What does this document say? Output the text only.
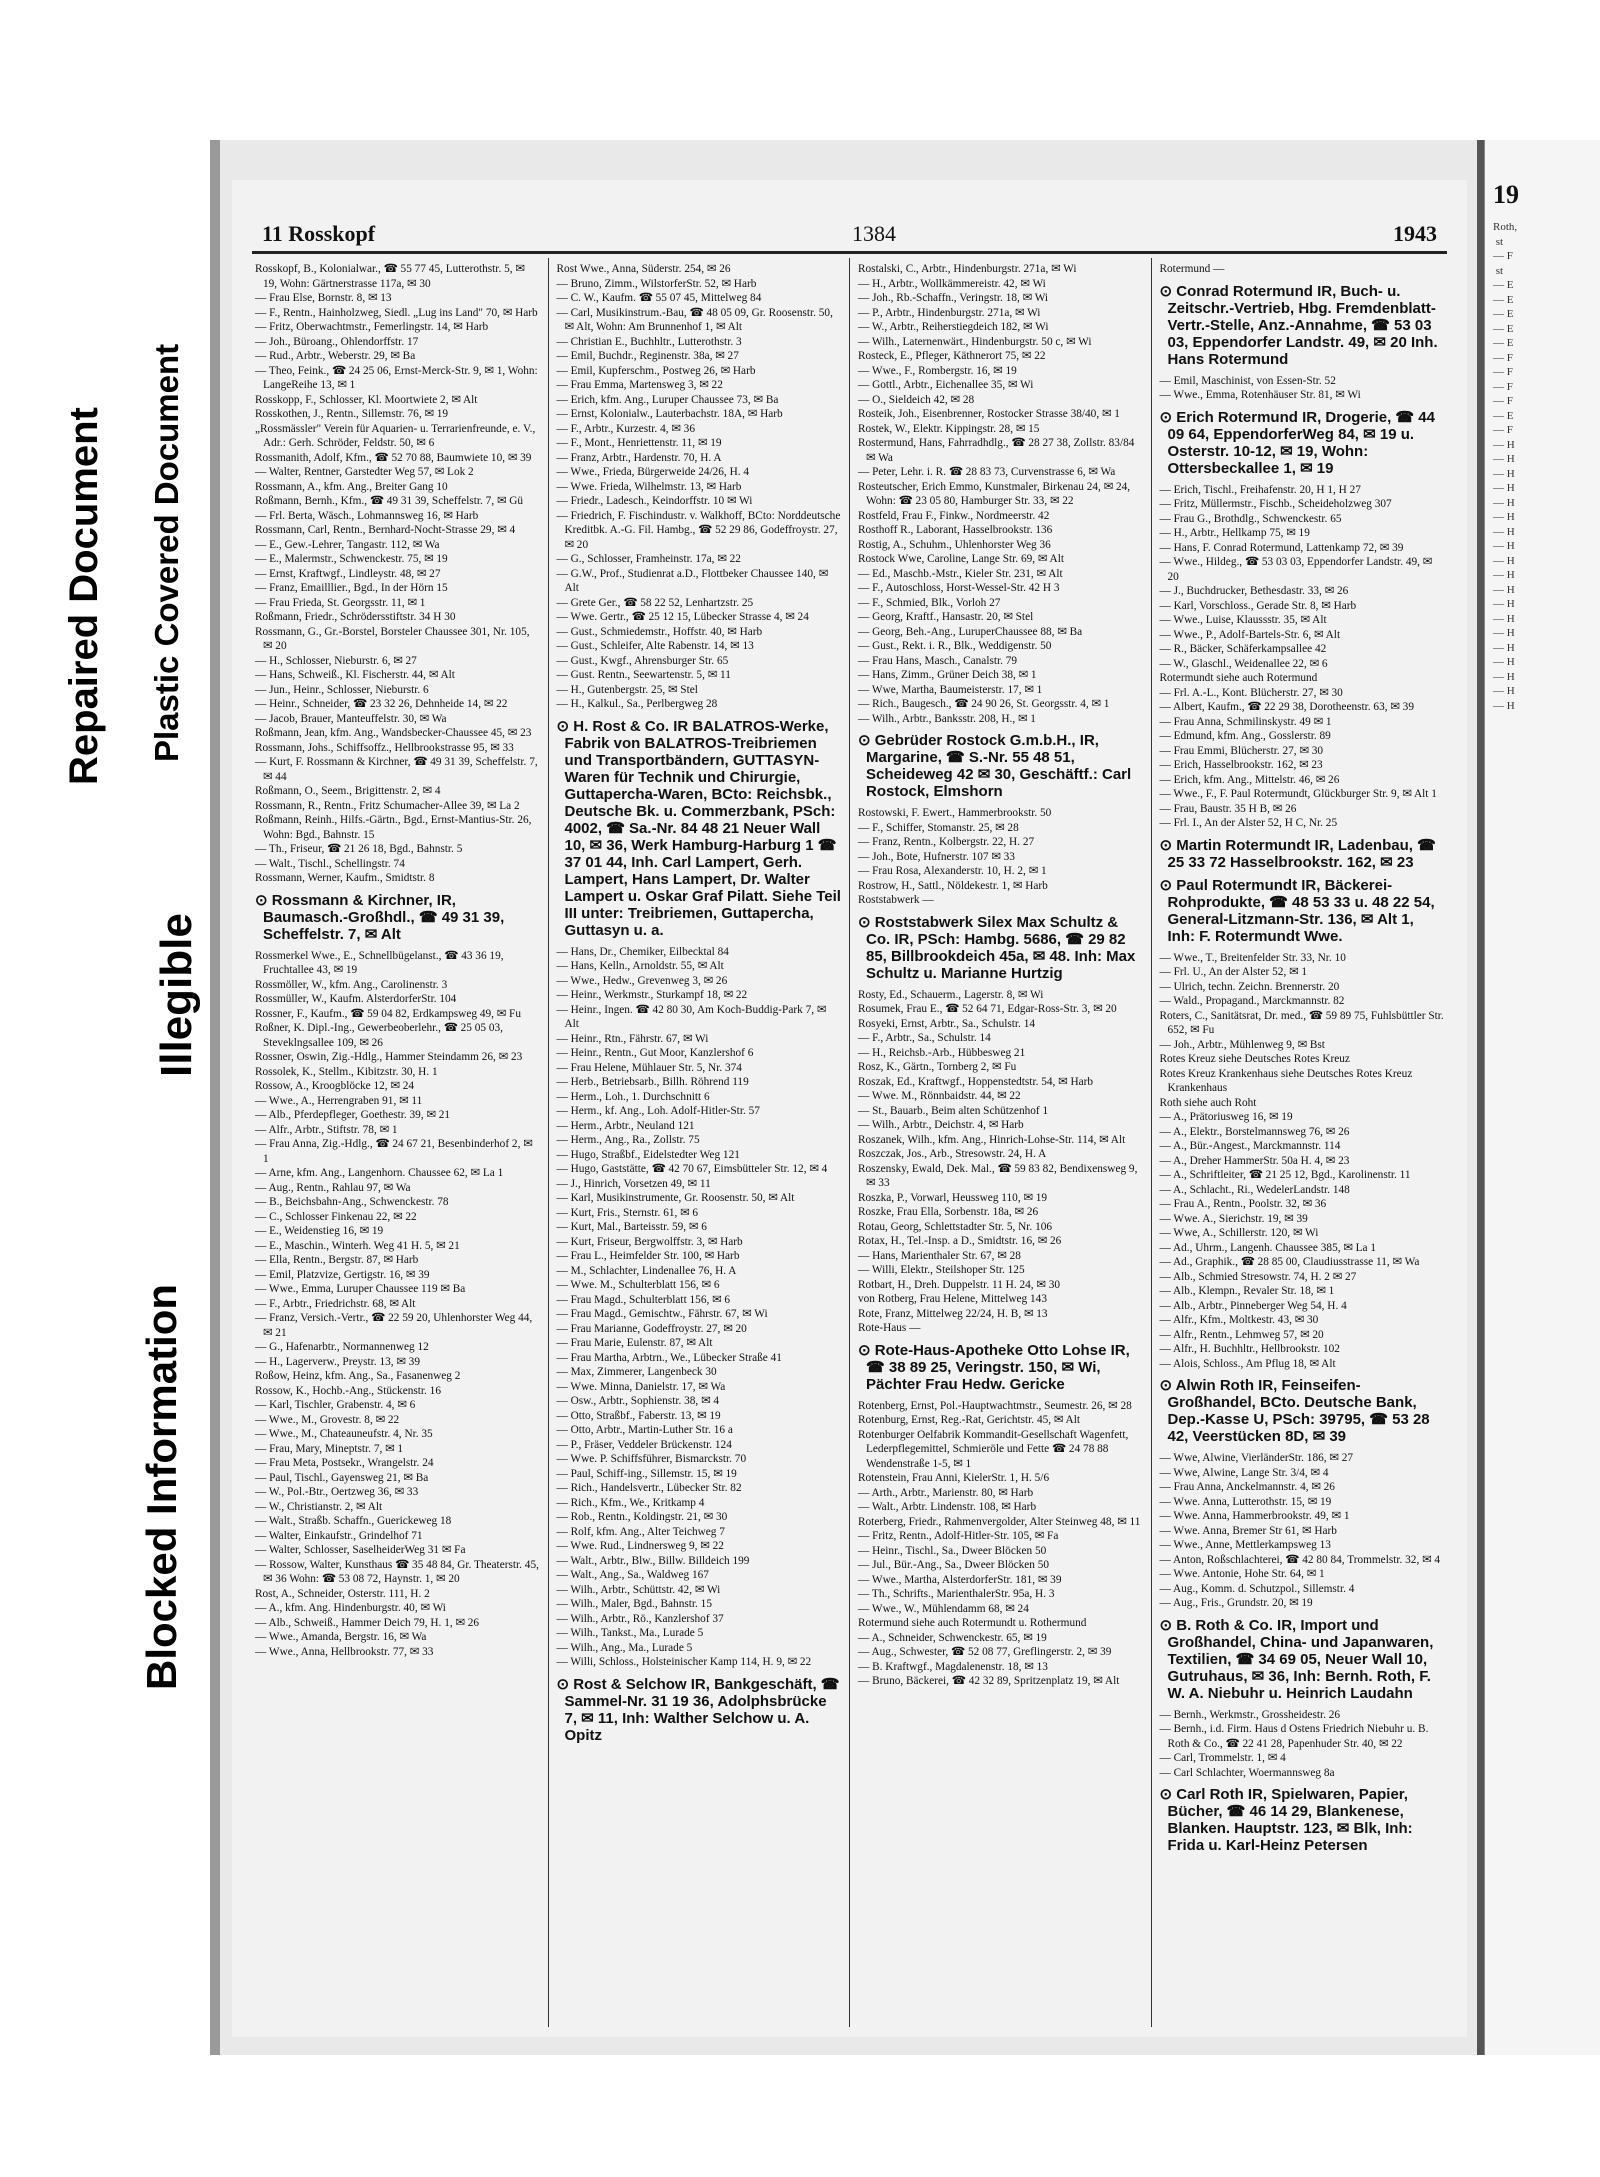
Repaired Document Plastic Covered Document
Illegible
Blocked Information
11 Rosskopf	1384	1943

Rosskopf, B., Kolonialwar., ☎ 55 77 45, Lutterothstr. 5, ✉ 19, Wohn: Gärtnerstrasse 117a, ✉ 30

— Frau Else, Bornstr. 8, ✉ 13

— F., Rentn., Hainholzweg, Siedl. „Lug ins Land" 70, ✉ Harb

— Fritz, Oberwachtmstr., Femerlingstr. 14, ✉ Harb

— Joh., Büroang., Ohlendorffstr. 17

— Rud., Arbtr., Weberstr. 29, ✉ Ba

— Theo, Feink., ☎ 24 25 06, Ernst-Merck-Str. 9, ✉ 1, Wohn: LangeReihe 13, ✉ 1

Rosskopp, F., Schlosser, Kl. Moortwiete 2, ✉ Alt

Rosskothen, J., Rentn., Sillemstr. 76, ✉ 19

„Rossmässler" Verein für Aquarien- u. Terrarienfreunde, e. V., Adr.: Gerh. Schröder, Feldstr. 50, ✉ 6

Rossmanith, Adolf, Kfm., ☎ 52 70 88, Baumwiete 10, ✉ 39

— Walter, Rentner, Garstedter Weg 57, ✉ Lok 2

Rossmann, A., kfm. Ang., Breiter Gang 10

Roßmann, Bernh., Kfm., ☎ 49 31 39, Scheffelstr. 7, ✉ Gü

— Frl. Berta, Wäsch., Lohmannsweg 16, ✉ Harb

Rossmann, Carl, Rentn., Bernhard-Nocht-Strasse 29, ✉ 4

— E., Gew.-Lehrer, Tangastr. 112, ✉ Wa

— E., Malermstr., Schwenckestr. 75, ✉ 19

— Ernst, Kraftwgf., Lindleystr. 48, ✉ 27

— Franz, Emailllier., Bgd., In der Hörn 15

— Frau Frieda, St. Georgsstr. 11, ✉ 1

Roßmann, Friedr., Schrödersstiftstr. 34 H 30

Rossmann, G., Gr.-Borstel, Borsteler Chaussee 301, Nr. 105, ✉ 20

— H., Schlosser, Nieburstr. 6, ✉ 27

— Hans, Schweiß., Kl. Fischerstr. 44, ✉ Alt

— Jun., Heinr., Schlosser, Nieburstr. 6

— Heinr., Schneider, ☎ 23 32 26, Dehnheide 14, ✉ 22

— Jacob, Brauer, Manteuffelstr. 30, ✉ Wa

Roßmann, Jean, kfm. Ang., Wandsbecker-Chaussee 45, ✉ 23

Rossmann, Johs., Schiffsoffz., Hellbrookstrasse 95, ✉ 33

— Kurt, F. Rossmann & Kirchner, ☎ 49 31 39, Scheffelstr. 7, ✉ 44

Roßmann, O., Seem., Brigittenstr. 2, ✉ 4

Rossmann, R., Rentn., Fritz Schumacher-Allee 39, ✉ La 2

Roßmann, Reinh., Hilfs.-Gärtn., Bgd., Ernst-Mantius-Str. 26, Wohn: Bgd., Bahnstr. 15

— Th., Friseur, ☎ 21 26 18, Bgd., Bahnstr. 5

— Walt., Tischl., Schellingstr. 74

Rossmann, Werner, Kaufm., Smidtstr. 8

⊙ Rossmann & Kirchner, IR, Baumasch.-Großhdl., ☎ 49 31 39, Scheffelstr. 7, ✉ Alt

Rossmerkel Wwe., E., Schnellbügelanst., ☎ 43 36 19, Fruchtallee 43, ✉ 19

Rossmöller, W., kfm. Ang., Carolinenstr. 3

Rossmüller, W., Kaufm. AlsterdorferStr. 104

Rossner, F., Kaufm., ☎ 59 04 82, Erdkampsweg 49, ✉ Fu

Roßner, K. Dipl.-Ing., Gewerbeoberlehr., ☎ 25 05 03, Steveklngsallee 109, ✉ 26

Rossner, Oswin, Zig.-Hdlg., Hammer Steindamm 26, ✉ 23

Rossolek, K., Stellm., Kibitzstr. 30, H. 1

Rossow, A., Kroogblöcke 12, ✉ 24

— Wwe., A., Herrengraben 91, ✉ 11

— Alb., Pferdepfleger, Goethestr. 39, ✉ 21

— Alfr., Arbtr., Stiftstr. 78, ✉ 1

— Frau Anna, Zig.-Hdlg., ☎ 24 67 21, Besenbinderhof 2, ✉ 1

— Arne, kfm. Ang., Langenhorn. Chaussee 62, ✉ La 1

— Aug., Rentn., Rahlau 97, ✉ Wa

— B., Beichsbahn-Ang., Schwenckestr. 78

— C., Schlosser Finkenau 22, ✉ 22

— E., Weidenstieg 16, ✉ 19

— E., Maschin., Winterh. Weg 41 H. 5, ✉ 21

— Ella, Rentn., Bergstr. 87, ✉ Harb

— Emil, Platzvize, Gertigstr. 16, ✉ 39

— Wwe., Emma, Luruper Chaussee 119 ✉ Ba

— F., Arbtr., Friedrichstr. 68, ✉ Alt

— Franz, Versich.-Vertr., ☎ 22 59 20, Uhlenhorster Weg 44, ✉ 21

— G., Hafenarbtr., Normannenweg 12

— H., Lagerverw., Preystr. 13, ✉ 39

Roßow, Heinz, kfm. Ang., Sa., Fasanenweg 2

Rossow, K., Hochb.-Ang., Stückenstr. 16

— Karl, Tischler, Grabenstr. 4, ✉ 6

— Wwe., M., Grovestr. 8, ✉ 22

— Wwe., M., Chateauneufstr. 4, Nr. 35

— Frau, Mary, Mineptstr. 7, ✉ 1

— Frau Meta, Postsekr., Wrangelstr. 24

— Paul, Tischl., Gayensweg 21, ✉ Ba

— W., Pol.-Btr., Oertzweg 36, ✉ 33

— W., Christianstr. 2, ✉ Alt

— Walt., Straßb. Schaffn., Guerickeweg 18

— Walter, Einkaufstr., Grindelhof 71

— Walter, Schlosser, SaselheiderWeg 31 ✉ Fa

— Rossow, Walter, Kunsthaus ☎ 35 48 84, Gr. Theaterstr. 45, ✉ 36 Wohn: ☎ 53 08 72, Haynstr. 1, ✉ 20

Rost, A., Schneider, Osterstr. 111, H. 2

— A., kfm. Ang. Hindenburgstr. 40, ✉ Wi

— Alb., Schweiß., Hammer Deich 79, H. 1, ✉ 26

— Wwe., Amanda, Bergstr. 16, ✉ Wa

— Wwe., Anna, Hellbrookstr. 77, ✉ 33

Rost Wwe., Anna, Süderstr. 254, ✉ 26

— Bruno, Zimm., WilstorferStr. 52, ✉ Harb

— C. W., Kaufm. ☎ 55 07 45, Mittelweg 84

— Carl, Musikinstrum.-Bau, ☎ 48 05 09, Gr. Roosenstr. 50, ✉ Alt, Wohn: Am Brunnenhof 1, ✉ Alt

— Christian E., Buchhltr., Lutterothstr. 3

— Emil, Buchdr., Reginenstr. 38a, ✉ 27

— Emil, Kupferschm., Postweg 26, ✉ Harb

— Frau Emma, Martensweg 3, ✉ 22

— Erich, kfm. Ang., Luruper Chaussee 73, ✉ Ba

— Ernst, Kolonialw., Lauterbachstr. 18A, ✉ Harb

— F., Arbtr., Kurzestr. 4, ✉ 36

— F., Mont., Henriettenstr. 11, ✉ 19

— Franz, Arbtr., Hardenstr. 70, H. A

— Wwe., Frieda, Bürgerweide 24/26, H. 4

— Wwe. Frieda, Wilhelmstr. 13, ✉ Harb

— Friedr., Ladesch., Keindorffstr. 10 ✉ Wi

— Friedrich, F. Fischindustr. v. Walkhoff, BCto: Norddeutsche Kreditbk. A.-G. Fil. Hambg., ☎ 52 29 86, Godeffroystr. 27, ✉ 20

— G., Schlosser, Framheinstr. 17a, ✉ 22

— G.W., Prof., Studienrat a.D., Flottbeker Chaussee 140, ✉ Alt

— Grete Ger., ☎ 58 22 52, Lenhartzstr. 25

— Wwe. Gertr., ☎ 25 12 15, Lübecker Strasse 4, ✉ 24

— Gust., Schmiedemstr., Hoffstr. 40, ✉ Harb

— Gust., Schleifer, Alte Rabenstr. 14, ✉ 13

— Gust., Kwgf., Ahrensburger Str. 65

— Gust. Rentn., Seewartenstr. 5, ✉ 11

— H., Gutenbergstr. 25, ✉ Stel

— H., Kalkul., Sa., Perlbergweg 28

⊙ H. Rost & Co. IR BALATROS-Werke, Fabrik von BALATROS-Treibriemen und Transportbändern, GUTTASYN-Waren für Technik und Chirurgie, Guttapercha-Waren, BCto: Reichsbk., Deutsche Bk. u. Commerzbank, PSch: 4002, ☎ Sa.-Nr. 84 48 21 Neuer Wall 10, ✉ 36, Werk Hamburg-Harburg 1 ☎ 37 01 44, Inh. Carl Lampert, Gerh. Lampert, Hans Lampert, Dr. Walter Lampert u. Oskar Graf Pilatt. Siehe Teil III unter: Treibriemen, Guttapercha, Guttasyn u. a.

— Hans, Dr., Chemiker, Eilbecktal 84

— Hans, Kelln., Arnoldstr. 55, ✉ Alt

— Wwe., Hedw., Grevenweg 3, ✉ 26

— Heinr., Werkmstr., Sturkampf 18, ✉ 22

— Heinr., Ingen. ☎ 42 80 30, Am Koch-Buddig-Park 7, ✉ Alt

— Heinr., Rtn., Fährstr. 67, ✉ Wi

— Heinr., Rentn., Gut Moor, Kanzlershof 6

— Frau Helene, Mühlauer Str. 5, Nr. 374

— Herb., Betriebsarb., Billh. Röhrend 119

— Herm., Loh., 1. Durchschnitt 6

— Herm., kf. Ang., Loh. Adolf-Hitler-Str. 57

— Herm., Arbtr., Neuland 121

— Herm., Ang., Ra., Zollstr. 75

— Hugo, Straßbf., Eidelstedter Weg 121

— Hugo, Gaststätte, ☎ 42 70 67, Eimsbütteler Str. 12, ✉ 4

— J., Hinrich, Vorsetzen 49, ✉ 11

— Karl, Musikinstrumente, Gr. Roosenstr. 50, ✉ Alt

— Kurt, Fris., Sternstr. 61, ✉ 6

— Kurt, Mal., Barteisstr. 59, ✉ 6

— Kurt, Friseur, Bergwolffstr. 3, ✉ Harb

— Frau L., Heimfelder Str. 100, ✉ Harb

— M., Schlachter, Lindenallee 76, H. A

— Wwe. M., Schulterblatt 156, ✉ 6

— Frau Magd., Schulterblatt 156, ✉ 6

— Frau Magd., Gemischtw., Fährstr. 67, ✉ Wi

— Frau Marianne, Godeffroystr. 27, ✉ 20

— Frau Marie, Eulenstr. 87, ✉ Alt

— Frau Martha, Arbtrn., We., Lübecker Straße 41

— Max, Zimmerer, Langenbeck 30

— Wwe. Minna, Danielstr. 17, ✉ Wa

— Osw., Arbtr., Sophienstr. 38, ✉ 4

— Otto, Straßbf., Faberstr. 13, ✉ 19

— Otto, Arbtr., Martin-Luther Str. 16 a

— P., Fräser, Veddeler Brückenstr. 124

— Wwe. P. Schiffsführer, Bismarckstr. 70

— Paul, Schiff-ing., Sillemstr. 15, ✉ 19

— Rich., Handelsvertr., Lübecker Str. 82

— Rich., Kfm., We., Kritkamp 4

— Rob., Rentn., Koldingstr. 21, ✉ 30

— Rolf, kfm. Ang., Alter Teichweg 7

— Wwe. Rud., Lindnersweg 9, ✉ 22

— Walt., Arbtr., Blw., Billw. Billdeich 199

— Walt., Ang., Sa., Waldweg 167

— Wilh., Arbtr., Schüttstr. 42, ✉ Wi

— Wilh., Maler, Bgd., Bahnstr. 15

— Wilh., Arbtr., Rö., Kanzlershof 37

— Wilh., Tankst., Ma., Lurade 5

— Wilh., Ang., Ma., Lurade 5

— Willi, Schloss., Holsteinischer Kamp 114, H. 9, ✉ 22

⊙ Rost & Selchow IR, Bankgeschäft, ☎ Sammel-Nr. 31 19 36, Adolphsbrücke 7, ✉ 11, Inh: Walther Selchow u. A. Opitz

Rostalski, C., Arbtr., Hindenburgstr. 271a, ✉ Wi

— H., Arbtr., Wollkämmereistr. 42, ✉ Wi

— Joh., Rb.-Schaffn., Veringstr. 18, ✉ Wi

— P., Arbtr., Hindenburgstr. 271a, ✉ Wi

— W., Arbtr., Reiherstiegdeich 182, ✉ Wi

— Wilh., Laternenwärt., Hindenburgstr. 50 c, ✉ Wi

Rosteck, E., Pfleger, Käthnerort 75, ✉ 22

— Wwe., F., Rombergstr. 16, ✉ 19

— Gottl., Arbtr., Eichenallee 35, ✉ Wi

— O., Sieldeich 42, ✉ 28

Rosteik, Joh., Eisenbrenner, Rostocker Strasse 38/40, ✉ 1

Rostek, W., Elektr. Kippingstr. 28, ✉ 15

Rostermund, Hans, Fahrradhdlg., ☎ 28 27 38, Zollstr. 83/84 ✉ Wa

— Peter, Lehr. i. R. ☎ 28 83 73, Curvenstrasse 6, ✉ Wa

Rosteutscher, Erich Emmo, Kunstmaler, Birkenau 24, ✉ 24, Wohn: ☎ 23 05 80, Hamburger Str. 33, ✉ 22

Rostfeld, Frau F., Finkw., Nordmeerstr. 42

Rosthoff R., Laborant, Hasselbrookstr. 136

Rostig, A., Schuhm., Uhlenhorster Weg 36

Rostock Wwe, Caroline, Lange Str. 69, ✉ Alt

— Ed., Maschb.-Mstr., Kieler Str. 231, ✉ Alt

— F., Autoschloss, Horst-Wessel-Str. 42 H 3

— F., Schmied, Blk., Vorloh 27

— Georg, Kraftf., Hansastr. 20, ✉ Stel

— Georg, Beh.-Ang., LuruperChaussee 88, ✉ Ba

— Gust., Rekt. i. R., Blk., Weddigenstr. 50

— Frau Hans, Masch., Canalstr. 79

— Hans, Zimm., Grüner Deich 38, ✉ 1

— Wwe, Martha, Baumeisterstr. 17, ✉ 1

— Rich., Baugesch., ☎ 24 90 26, St. Georgsstr. 4, ✉ 1

— Wilh., Arbtr., Banksstr. 208, H., ✉ 1

⊙ Gebrüder Rostock G.m.b.H., IR, Margarine, ☎ S.-Nr. 55 48 51, Scheideweg 42 ✉ 30, Geschäftf.: Carl Rostock, Elmshorn

Rostowski, F. Ewert., Hammerbrookstr. 50

— F., Schiffer, Stomanstr. 25, ✉ 28

— Franz, Rentn., Kolbergstr. 22, H. 27

— Joh., Bote, Hufnerstr. 107 ✉ 33

— Frau Rosa, Alexanderstr. 10, H. 2, ✉ 1

Rostrow, H., Sattl., Nöldekestr. 1, ✉ Harb

Roststabwerk —

⊙ Roststabwerk Silex Max Schultz & Co. IR, PSch: Hambg. 5686, ☎ 29 82 85, Billbrookdeich 45a, ✉ 48. Inh: Max Schultz u. Marianne Hurtzig

Rosty, Ed., Schauerm., Lagerstr. 8, ✉ Wi

Rosumek, Frau E., ☎ 52 64 71, Edgar-Ross-Str. 3, ✉ 20

Rosyeki, Ernst, Arbtr., Sa., Schulstr. 14

— F., Arbtr., Sa., Schulstr. 14

— H., Reichsb.-Arb., Hübbesweg 21

Rosz, K., Gärtn., Tornberg 2, ✉ Fu

Roszak, Ed., Kraftwgf., Hoppenstedtstr. 54, ✉ Harb

— Wwe. M., Rönnbaidstr. 44, ✉ 22

— St., Bauarb., Beim alten Schützenhof 1

— Wilh., Arbtr., Deichstr. 4, ✉ Harb

Roszanek, Wilh., kfm. Ang., Hinrich-Lohse-Str. 114, ✉ Alt

Roszczak, Jos., Arb., Stresowstr. 24, H. A

Roszensky, Ewald, Dek. Mal., ☎ 59 83 82, Bendixensweg 9, ✉ 33

Roszka, P., Vorwarl, Heussweg 110, ✉ 19

Roszke, Frau Ella, Sorbenstr. 18a, ✉ 26

Rotau, Georg, Schlettstadter Str. 5, Nr. 106

Rotax, H., Tel.-Insp. a D., Smidtstr. 16, ✉ 26

— Hans, Marienthaler Str. 67, ✉ 28

— Willi, Elektr., Steilshoper Str. 125

Rotbart, H., Dreh. Duppelstr. 11 H. 24, ✉ 30

von Rotberg, Frau Helene, Mittelweg 143

Rote, Franz, Mittelweg 22/24, H. B, ✉ 13

Rote-Haus —

⊙ Rote-Haus-Apotheke Otto Lohse IR, ☎ 38 89 25, Veringstr. 150, ✉ Wi, Pächter Frau Hedw. Gericke

Rotenberg, Ernst, Pol.-Hauptwachtmstr., Seumestr. 26, ✉ 28

Rotenburg, Ernst, Reg.-Rat, Gerichtstr. 45, ✉ Alt

Rotenburger Oelfabrik Kommandit-Gesellschaft Wagenfett, Lederpflegemittel, Schmieröle und Fette ☎ 24 78 88 Wendenstraße 1-5, ✉ 1

Rotenstein, Frau Anni, KielerStr. 1, H. 5/6

— Arth., Arbtr., Marienstr. 80, ✉ Harb

— Walt., Arbtr. Lindenstr. 108, ✉ Harb

Roterberg, Friedr., Rahmenvergolder, Alter Steinweg 48, ✉ 11

— Fritz, Rentn., Adolf-Hitler-Str. 105, ✉ Fa

— Heinr., Tischl., Sa., Dweer Blöcken 50

— Jul., Bür.-Ang., Sa., Dweer Blöcken 50

— Wwe., Martha, AlsterdorferStr. 181, ✉ 39

— Th., Schrifts., MarienthalerStr. 95a, H. 3

— Wwe., W., Mühlendamm 68, ✉ 24

Rotermund siehe auch Rotermundt u. Rothermund

— A., Schneider, Schwenckestr. 65, ✉ 19

— Aug., Schwester, ☎ 52 08 77, Greflingerstr. 2, ✉ 39

— B. Kraftwgf., Magdalenenstr. 18, ✉ 13

— Bruno, Bäckerei, ☎ 42 32 89, Spritzenplatz 19, ✉ Alt

Rotermund —

⊙ Conrad Rotermund IR, Buch- u. Zeitschr.-Vertrieb, Hbg. Fremdenblatt-Vertr.-Stelle, Anz.-Annahme, ☎ 53 03 03, Eppendorfer Landstr. 49, ✉ 20 Inh. Hans Rotermund

— Emil, Maschinist, von Essen-Str. 52

— Wwe., Emma, Rotenhäuser Str. 81, ✉ Wi

⊙ Erich Rotermund IR, Drogerie, ☎ 44 09 64, EppendorferWeg 84, ✉ 19 u. Osterstr. 10-12, ✉ 19, Wohn: Ottersbeckallee 1, ✉ 19

— Erich, Tischl., Freihafenstr. 20, H 1, H 27

— Fritz, Müllermstr., Fischb., Scheideholzweg 307

— Frau G., Brothdlg., Schwenckestr. 65

— H., Arbtr., Hellkamp 75, ✉ 19

— Hans, F. Conrad Rotermund, Lattenkamp 72, ✉ 39

— Wwe., Hildeg., ☎ 53 03 03, Eppendorfer Landstr. 49, ✉ 20

— J., Buchdrucker, Bethesdastr. 33, ✉ 26

— Karl, Vorschloss., Gerade Str. 8, ✉ Harb

— Wwe., Luise, Klaussstr. 35, ✉ Alt

— Wwe., P., Adolf-Bartels-Str. 6, ✉ Alt

— R., Bäcker, Schäferkampsallee 42

— W., Glaschl., Weidenallee 22, ✉ 6

Rotermundt siehe auch Rotermund

— Frl. A.-L., Kont. Blücherstr. 27, ✉ 30

— Albert, Kaufm., ☎ 22 29 38, Dorotheenstr. 63, ✉ 39

— Frau Anna, Schmilinskystr. 49 ✉ 1

— Edmund, kfm. Ang., Gosslerstr. 89

— Frau Emmi, Blücherstr. 27, ✉ 30

— Erich, Hasselbrookstr. 162, ✉ 23

— Erich, kfm. Ang., Mittelstr. 46, ✉ 26

— Wwe., F., F. Paul Rotermundt, Glückburger Str. 9, ✉ Alt 1

— Frau, Baustr. 35 H B, ✉ 26

— Frl. I., An der Alster 52, H C, Nr. 25

⊙ Martin Rotermundt IR, Ladenbau, ☎ 25 33 72 Hasselbrookstr. 162, ✉ 23

⊙ Paul Rotermundt IR, Bäckerei-Rohprodukte, ☎ 48 53 33 u. 48 22 54, General-Litzmann-Str. 136, ✉ Alt 1, Inh: F. Rotermundt Wwe.

— Wwe., T., Breitenfelder Str. 33, Nr. 10

— Frl. U., An der Alster 52, ✉ 1

— Ulrich, techn. Zeichn. Brennerstr. 20

— Wald., Propagand., Marckmannstr. 82

Roters, C., Sanitätsrat, Dr. med., ☎ 59 89 75, Fuhlsbüttler Str. 652, ✉ Fu

— Joh., Arbtr., Mühlenweg 9, ✉ Bst

Rotes Kreuz siehe Deutsches Rotes Kreuz

Rotes Kreuz Krankenhaus siehe Deutsches Rotes Kreuz Krankenhaus

Roth siehe auch Roht

— A., Prätoriusweg 16, ✉ 19

— A., Elektr., Borstelmannsweg 76, ✉ 26

— A., Bür.-Angest., Marckmannstr. 114

— A., Dreher HammerStr. 50a H. 4, ✉ 23

— A., Schriftleiter, ☎ 21 25 12, Bgd., Karolinenstr. 11

— A., Schlacht., Ri., WedelerLandstr. 148

— Frau A., Rentn., Poolstr. 32, ✉ 36

— Wwe. A., Sierichstr. 19, ✉ 39

— Wwe, A., Schillerstr. 120, ✉ Wi

— Ad., Uhrm., Langenh. Chaussee 385, ✉ La 1

— Ad., Graphik., ☎ 28 85 00, Claudiusstrasse 11, ✉ Wa

— Alb., Schmied Stresowstr. 74, H. 2 ✉ 27

— Alb., Klempn., Revaler Str. 18, ✉ 1

— Alb., Arbtr., Pinneberger Weg 54, H. 4

— Alfr., Kfm., Moltkestr. 43, ✉ 30

— Alfr., Rentn., Lehmweg 57, ✉ 20

— Alfr., H. Buchhltr., Hellbrookstr. 102

— Alois, Schloss., Am Pflug 18, ✉ Alt

⊙ Alwin Roth IR, Feinseifen-Großhandel, BCto. Deutsche Bank, Dep.-Kasse U, PSch: 39795, ☎ 53 28 42, Veerstücken 8D, ✉ 39

— Wwe, Alwine, VierländerStr. 186, ✉ 27

— Wwe, Alwine, Lange Str. 3/4, ✉ 4

— Frau Anna, Anckelmannstr. 4, ✉ 26

— Wwe. Anna, Lutterothstr. 15, ✉ 19

— Wwe. Anna, Hammerbrookstr. 49, ✉ 1

— Wwe. Anna, Bremer Str 61, ✉ Harb

— Wwe., Anne, Mettlerkampsweg 13

— Anton, Roßschlachterei, ☎ 42 80 84, Trommelstr. 32, ✉ 4

— Wwe. Antonie, Hohe Str. 64, ✉ 1

— Aug., Komm. d. Schutzpol., Sillemstr. 4

— Aug., Fris., Grundstr. 20, ✉ 19

⊙ B. Roth & Co. IR, Import und Großhandel, China- und Japanwaren, Textilien, ☎ 34 69 05, Neuer Wall 10, Gutruhaus, ✉ 36, Inh: Bernh. Roth, F. W. A. Niebuhr u. Heinrich Laudahn

— Bernh., Werkmstr., Grossheidestr. 26

— Bernh., i.d. Firm. Haus d Ostens Friedrich Niebuhr u. B. Roth & Co., ☎ 22 41 28, Papenhuder Str. 40, ✉ 22

— Carl, Trommelstr. 1, ✉ 4

— Carl Schlachter, Woermannsweg 8a

⊙ Carl Roth IR, Spielwaren, Papier, Bücher, ☎ 46 14 29, Blankenese, Blanken. Hauptstr. 123, ✉ Blk, Inh: Frida u. Karl-Heinz Petersen

19
Roth,
st
— F
st
— E
— E
— E
— E
— E
— F
— F
— F
— F
— E
— F
— H
— H
— H
— H
— H
— H
— H
— H
— H
— H
— H
— H
— H
— H
— H
— H
— H
— H
— H
